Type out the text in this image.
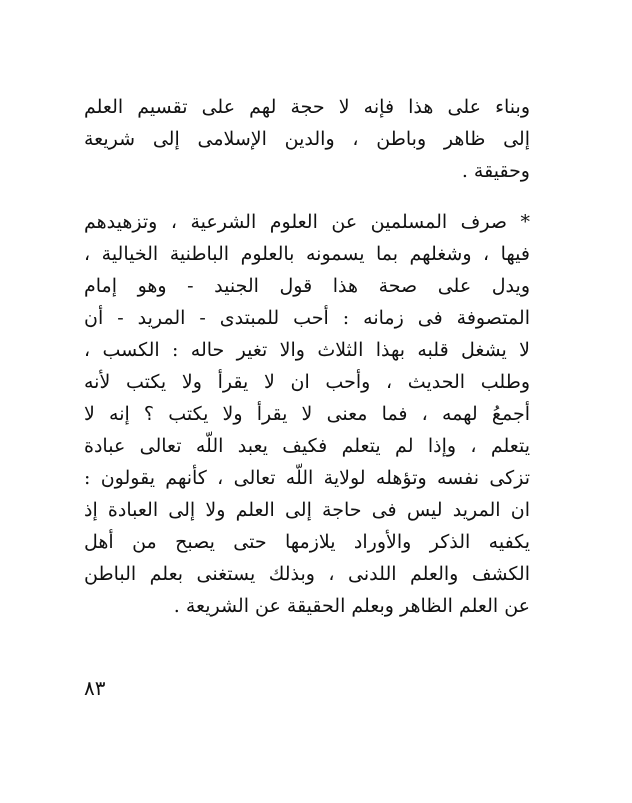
وبناء على هذا فإنه لا حجة لهم على تقسيم العلم
إلى ظاهر وباطن ، والدين الإسلامى إلى شريعة
وحقيقة .
* صرف المسلمين عن العلوم الشرعية ، وتزهيدهم
فيها ، وشغلهم بما يسمونه بالعلوم الباطنية الخيالية ،
ويدل على صحة هذا قول الجنيد - وهو إمام
المتصوفة فى زمانه : أحب للمبتدى - المريد - أن
لا يشغل قلبه بهذا الثلاث والا تغير حاله : الكسب ،
وطلب الحديث ، وأحب ان لا يقرأ ولا يكتب لأنه
أجمعُ لهمه ، فما معنى لا يقرأ ولا يكتب ؟ إنه لا
يتعلم ، وإذا لم يتعلم فكيف يعبد اللّه تعالى عبادة
تزكى نفسه وتؤهله لولاية اللّه تعالى ، كأنهم يقولون :
ان المريد ليس فى حاجة إلى العلم ولا إلى العبادة إذ
يكفيه الذكر والأوراد يلازمها حتى يصبح من أهل
الكشف والعلم اللدنى ، وبذلك يستغنى بعلم الباطن
عن العلم الظاهر وبعلم الحقيقة عن الشريعة .
٨٣
